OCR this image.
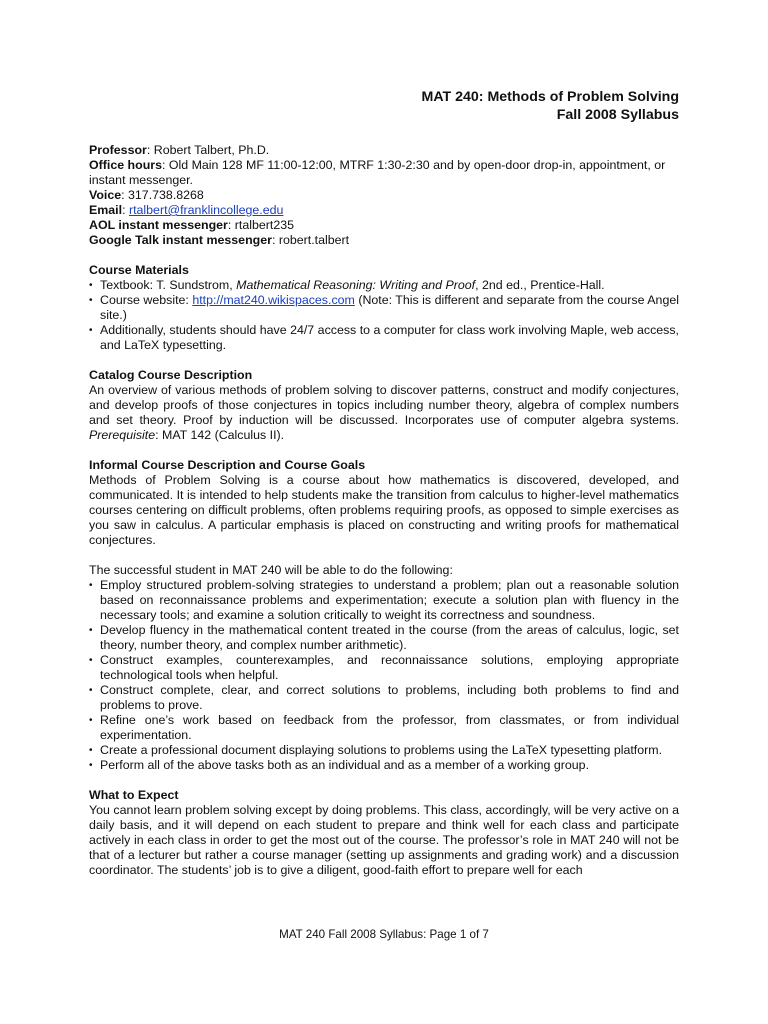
MAT 240: Methods of Problem Solving
Fall 2008 Syllabus

Professor: Robert Talbert, Ph.D.

Office hours: Old Main 128 MF 11:00-12:00, MTRF 1:30-2:30 and by open-door drop-in, appointment, or instant messenger.

Voice: 317.738.8268

Email: rtalbert@franklincollege.edu

AOL instant messenger: rtalbert235

Google Talk instant messenger: robert.talbert

Course Materials
• Textbook: T. Sundstrom, Mathematical Reasoning: Writing and Proof, 2nd ed., Prentice-Hall.
• Course website: http://mat240.wikispaces.com (Note: This is different and separate from the course Angel site.)
• Additionally, students should have 24/7 access to a computer for class work involving Maple, web access, and LaTeX typesetting.
Catalog Course Description

An overview of various methods of problem solving to discover patterns, construct and modify conjectures, and develop proofs of those conjectures in topics including number theory, algebra of complex numbers and set theory. Proof by induction will be discussed. Incorporates use of computer algebra systems. Prerequisite: MAT 142 (Calculus II).

Informal Course Description and Course Goals

Methods of Problem Solving is a course about how mathematics is discovered, developed, and communicated. It is intended to help students make the transition from calculus to higher-level mathematics courses centering on difficult problems, often problems requiring proofs, as opposed to simple exercises as you saw in calculus. A particular emphasis is placed on constructing and writing proofs for mathematical conjectures.

The successful student in MAT 240 will be able to do the following:

• Employ structured problem-solving strategies to understand a problem; plan out a reasonable solution based on reconnaissance problems and experimentation; execute a solution plan with fluency in the necessary tools; and examine a solution critically to weight its correctness and soundness.
• Develop fluency in the mathematical content treated in the course (from the areas of calculus, logic, set theory, number theory, and complex number arithmetic).
• Construct examples, counterexamples, and reconnaissance solutions, employing appropriate technological tools when helpful.
• Construct complete, clear, and correct solutions to problems, including both problems to find and problems to prove.
• Refine one’s work based on feedback from the professor, from classmates, or from individual experimentation.
• Create a professional document displaying solutions to problems using the LaTeX typesetting platform.
• Perform all of the above tasks both as an individual and as a member of a working group.
What to Expect

You cannot learn problem solving except by doing problems. This class, accordingly, will be very active on a daily basis, and it will depend on each student to prepare and think well for each class and participate actively in each class in order to get the most out of the course. The professor’s role in MAT 240 will not be that of a lecturer but rather a course manager (setting up assignments and grading work) and a discussion coordinator. The students’ job is to give a diligent, good-faith effort to prepare well for each

MAT 240 Fall 2008 Syllabus: Page 1 of 7
